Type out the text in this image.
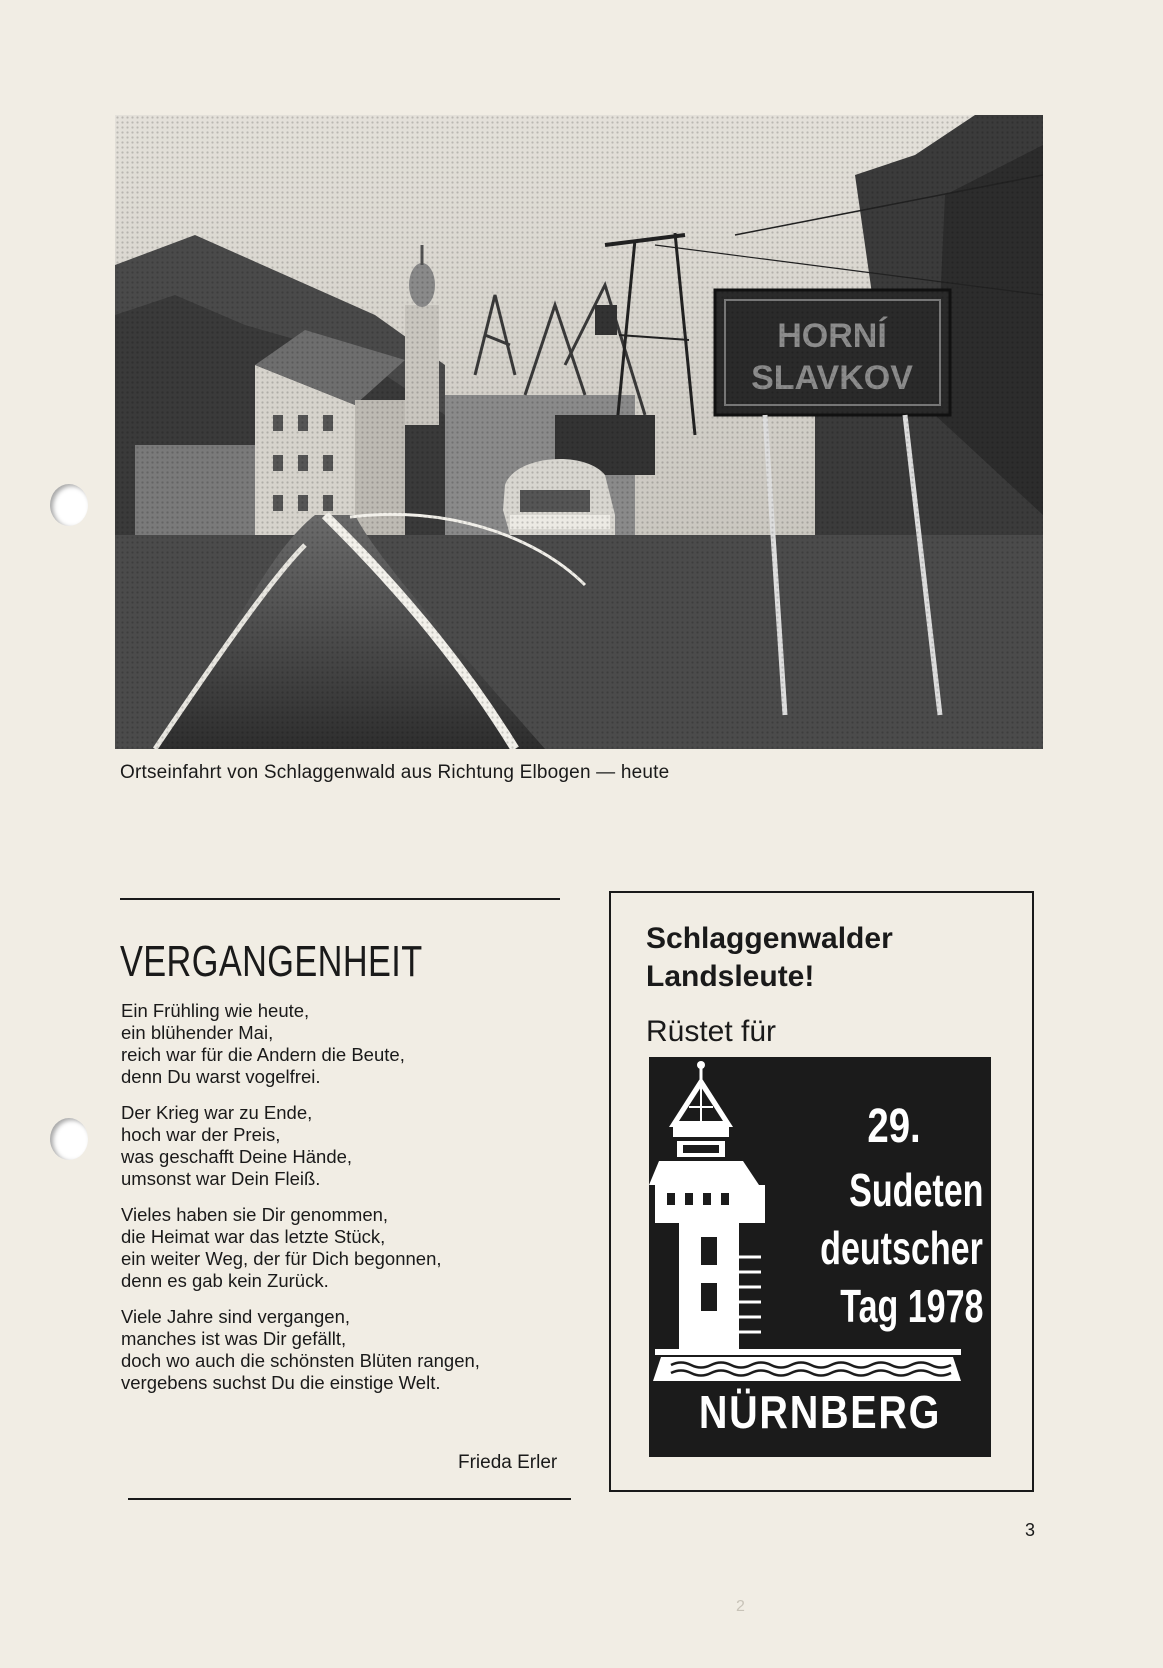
Ortseinfahrt von Schlaggenwald aus Richtung Elbogen — heute
VERGANGENHEIT

Ein Frühling wie heute,
ein blühender Mai,
reich war für die Andern die Beute,
denn Du warst vogelfrei.

Der Krieg war zu Ende,
hoch war der Preis,
was geschafft Deine Hände,
umsonst war Dein Fleiß.

Vieles haben sie Dir genommen,
die Heimat war das letzte Stück,
ein weiter Weg, der für Dich begonnen,
denn es gab kein Zurück.

Viele Jahre sind vergangen,
manches ist was Dir gefällt,
doch wo auch die schönsten Blüten rangen,
vergebens suchst Du die einstige Welt.

Frieda Erler
Schlaggenwalder
Landsleute!
Rüstet für
29.
Sudeten
deutscher
Tag 1978
NÜRNBERG
3
2
